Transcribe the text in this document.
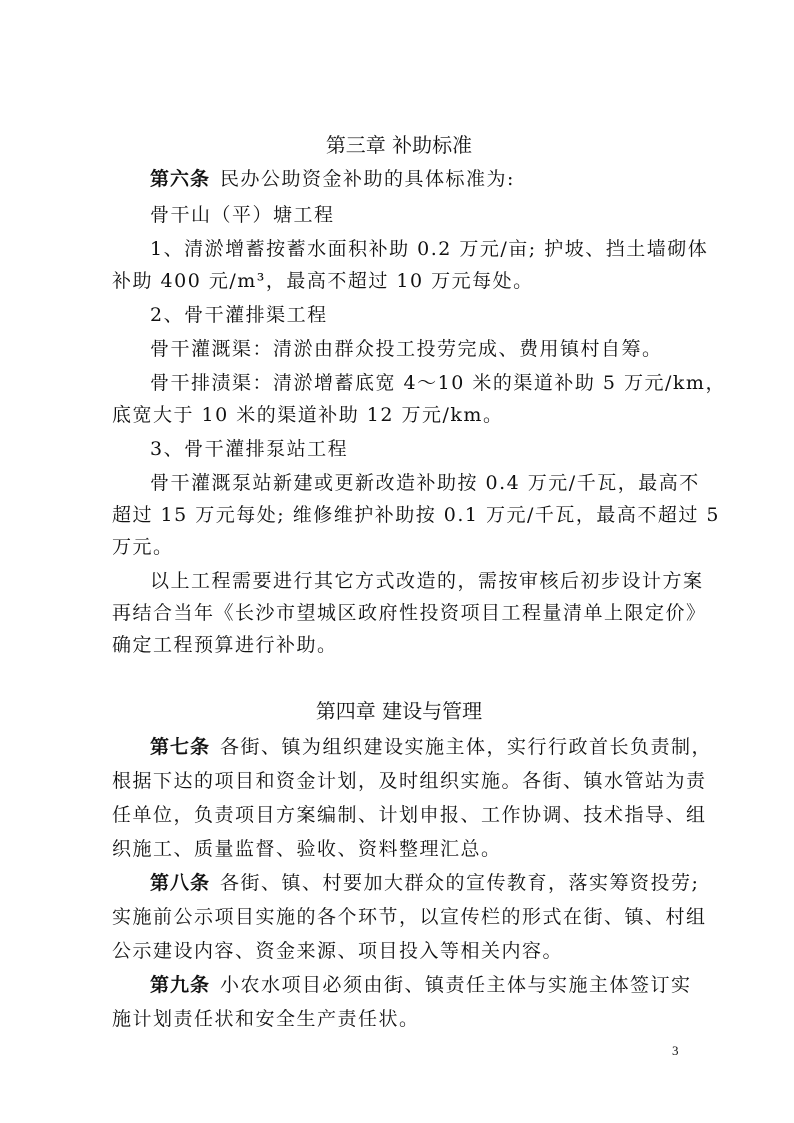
第三章 补助标准
第六条 民办公助资金补助的具体标准为:
骨干山（平）塘工程
1、清淤增蓄按蓄水面积补助 0.2 万元/亩; 护坡、挡土墙砌体
补助 400 元/m³，最高不超过 10 万元每处。
2、骨干灌排渠工程
骨干灌溉渠：清淤由群众投工投劳完成、费用镇村自筹。
骨干排渍渠：清淤增蓄底宽 4～10 米的渠道补助 5 万元/km，
底宽大于 10 米的渠道补助 12 万元/km。
3、骨干灌排泵站工程
骨干灌溉泵站新建或更新改造补助按 0.4 万元/千瓦，最高不
超过 15 万元每处; 维修维护补助按 0.1 万元/千瓦，最高不超过 5
万元。
以上工程需要进行其它方式改造的，需按审核后初步设计方案
再结合当年《长沙市望城区政府性投资项目工程量清单上限定价》
确定工程预算进行补助。
第四章 建设与管理
第七条 各街、镇为组织建设实施主体，实行行政首长负责制，
根据下达的项目和资金计划，及时组织实施。各街、镇水管站为责
任单位，负责项目方案编制、计划申报、工作协调、技术指导、组
织施工、质量监督、验收、资料整理汇总。
第八条 各街、镇、村要加大群众的宣传教育，落实筹资投劳;
实施前公示项目实施的各个环节，以宣传栏的形式在街、镇、村组
公示建设内容、资金来源、项目投入等相关内容。
第九条 小农水项目必须由街、镇责任主体与实施主体签订实
施计划责任状和安全生产责任状。
3
